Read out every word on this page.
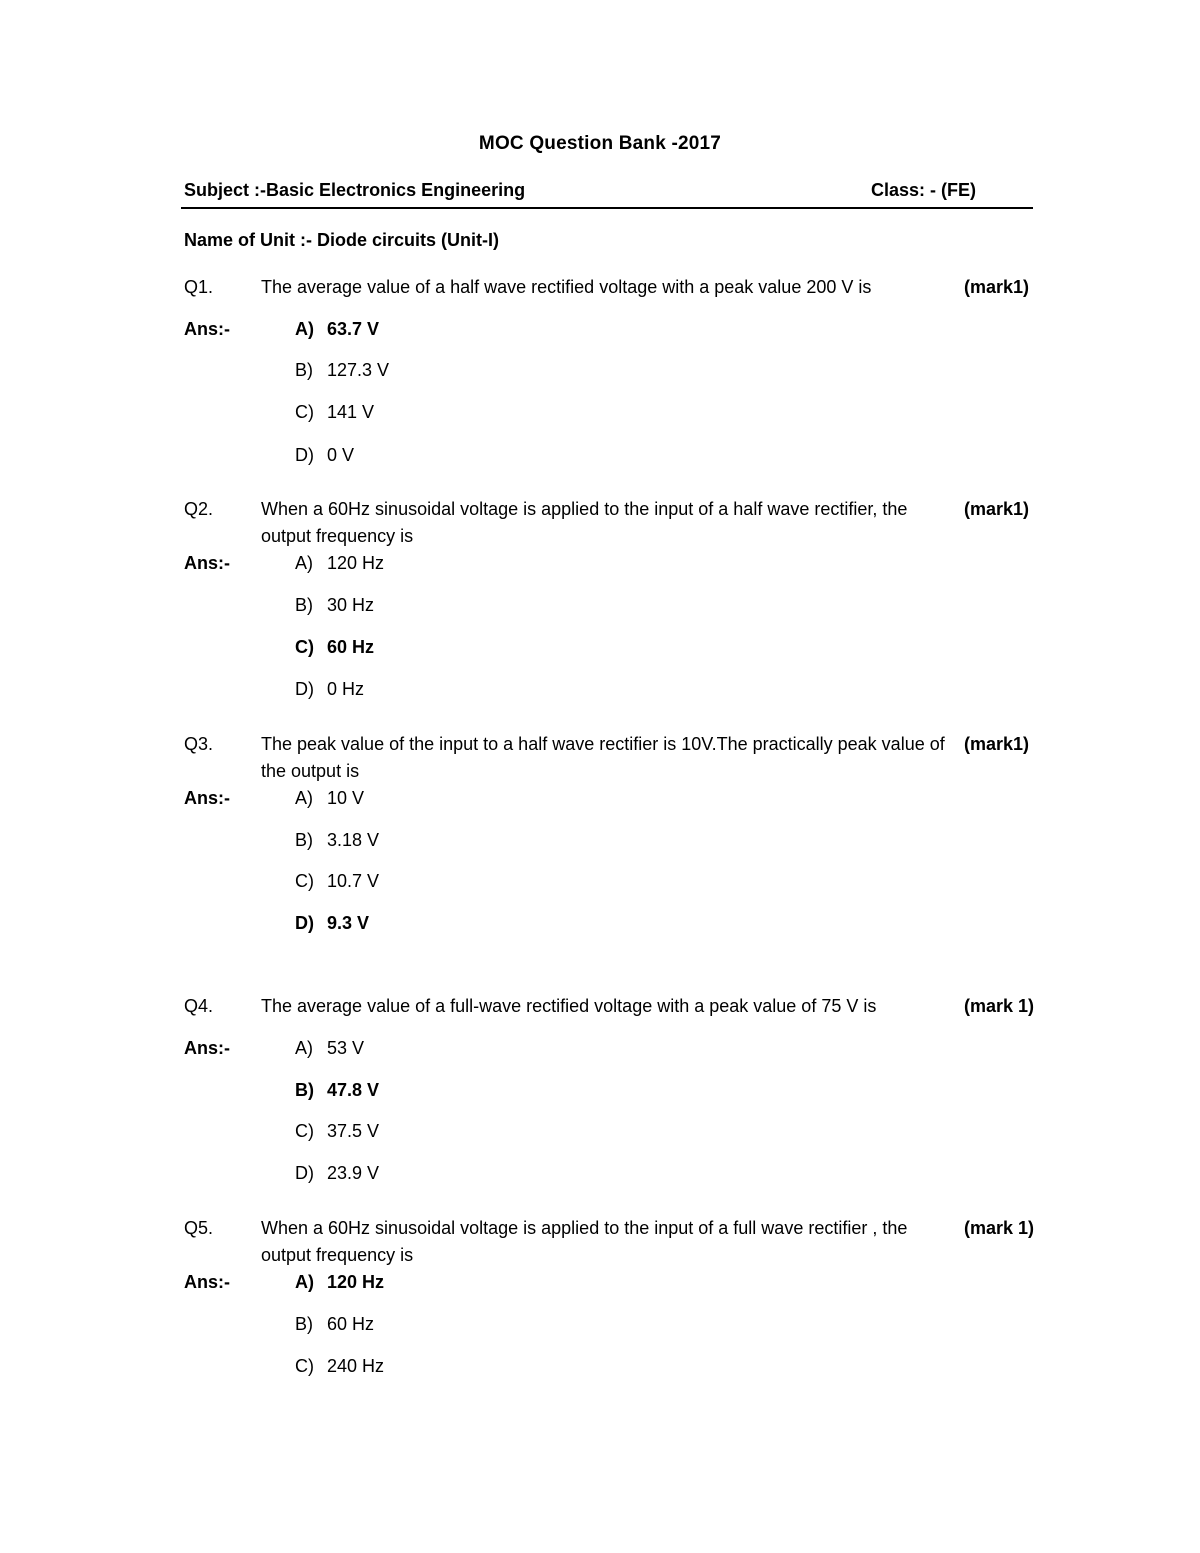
MOC Question Bank -2017
Subject :-Basic Electronics Engineering	Class: - (FE)
Name of Unit :- Diode circuits (Unit-I)
Q1.	The average value of a half wave rectified voltage with a peak value 200 V is	(mark1)
Ans:-	A) 63.7 V
B) 127.3 V
C) 141 V
D) 0 V
Q2.	When a 60Hz sinusoidal voltage is applied to the input of a half wave rectifier, the output frequency is
(mark1)
Ans:-	A) 120 Hz
B) 30 Hz
C) 60 Hz
D) 0 Hz
Q3.	The peak value of the input to a half wave rectifier is 10V.The practically peak value of the output is
(mark1)
Ans:-	A) 10 V
B) 3.18 V
C) 10.7 V
D) 9.3 V
Q4.	The average value of a full-wave rectified voltage with a peak value of 75 V is	(mark 1)
Ans:-	A) 53 V
B) 47.8 V
C) 37.5 V
D) 23.9 V
Q5.	When a 60Hz sinusoidal voltage is applied to the input of a full wave rectifier , the output frequency is
(mark 1)
Ans:-	A) 120 Hz
B) 60 Hz
C) 240 Hz
